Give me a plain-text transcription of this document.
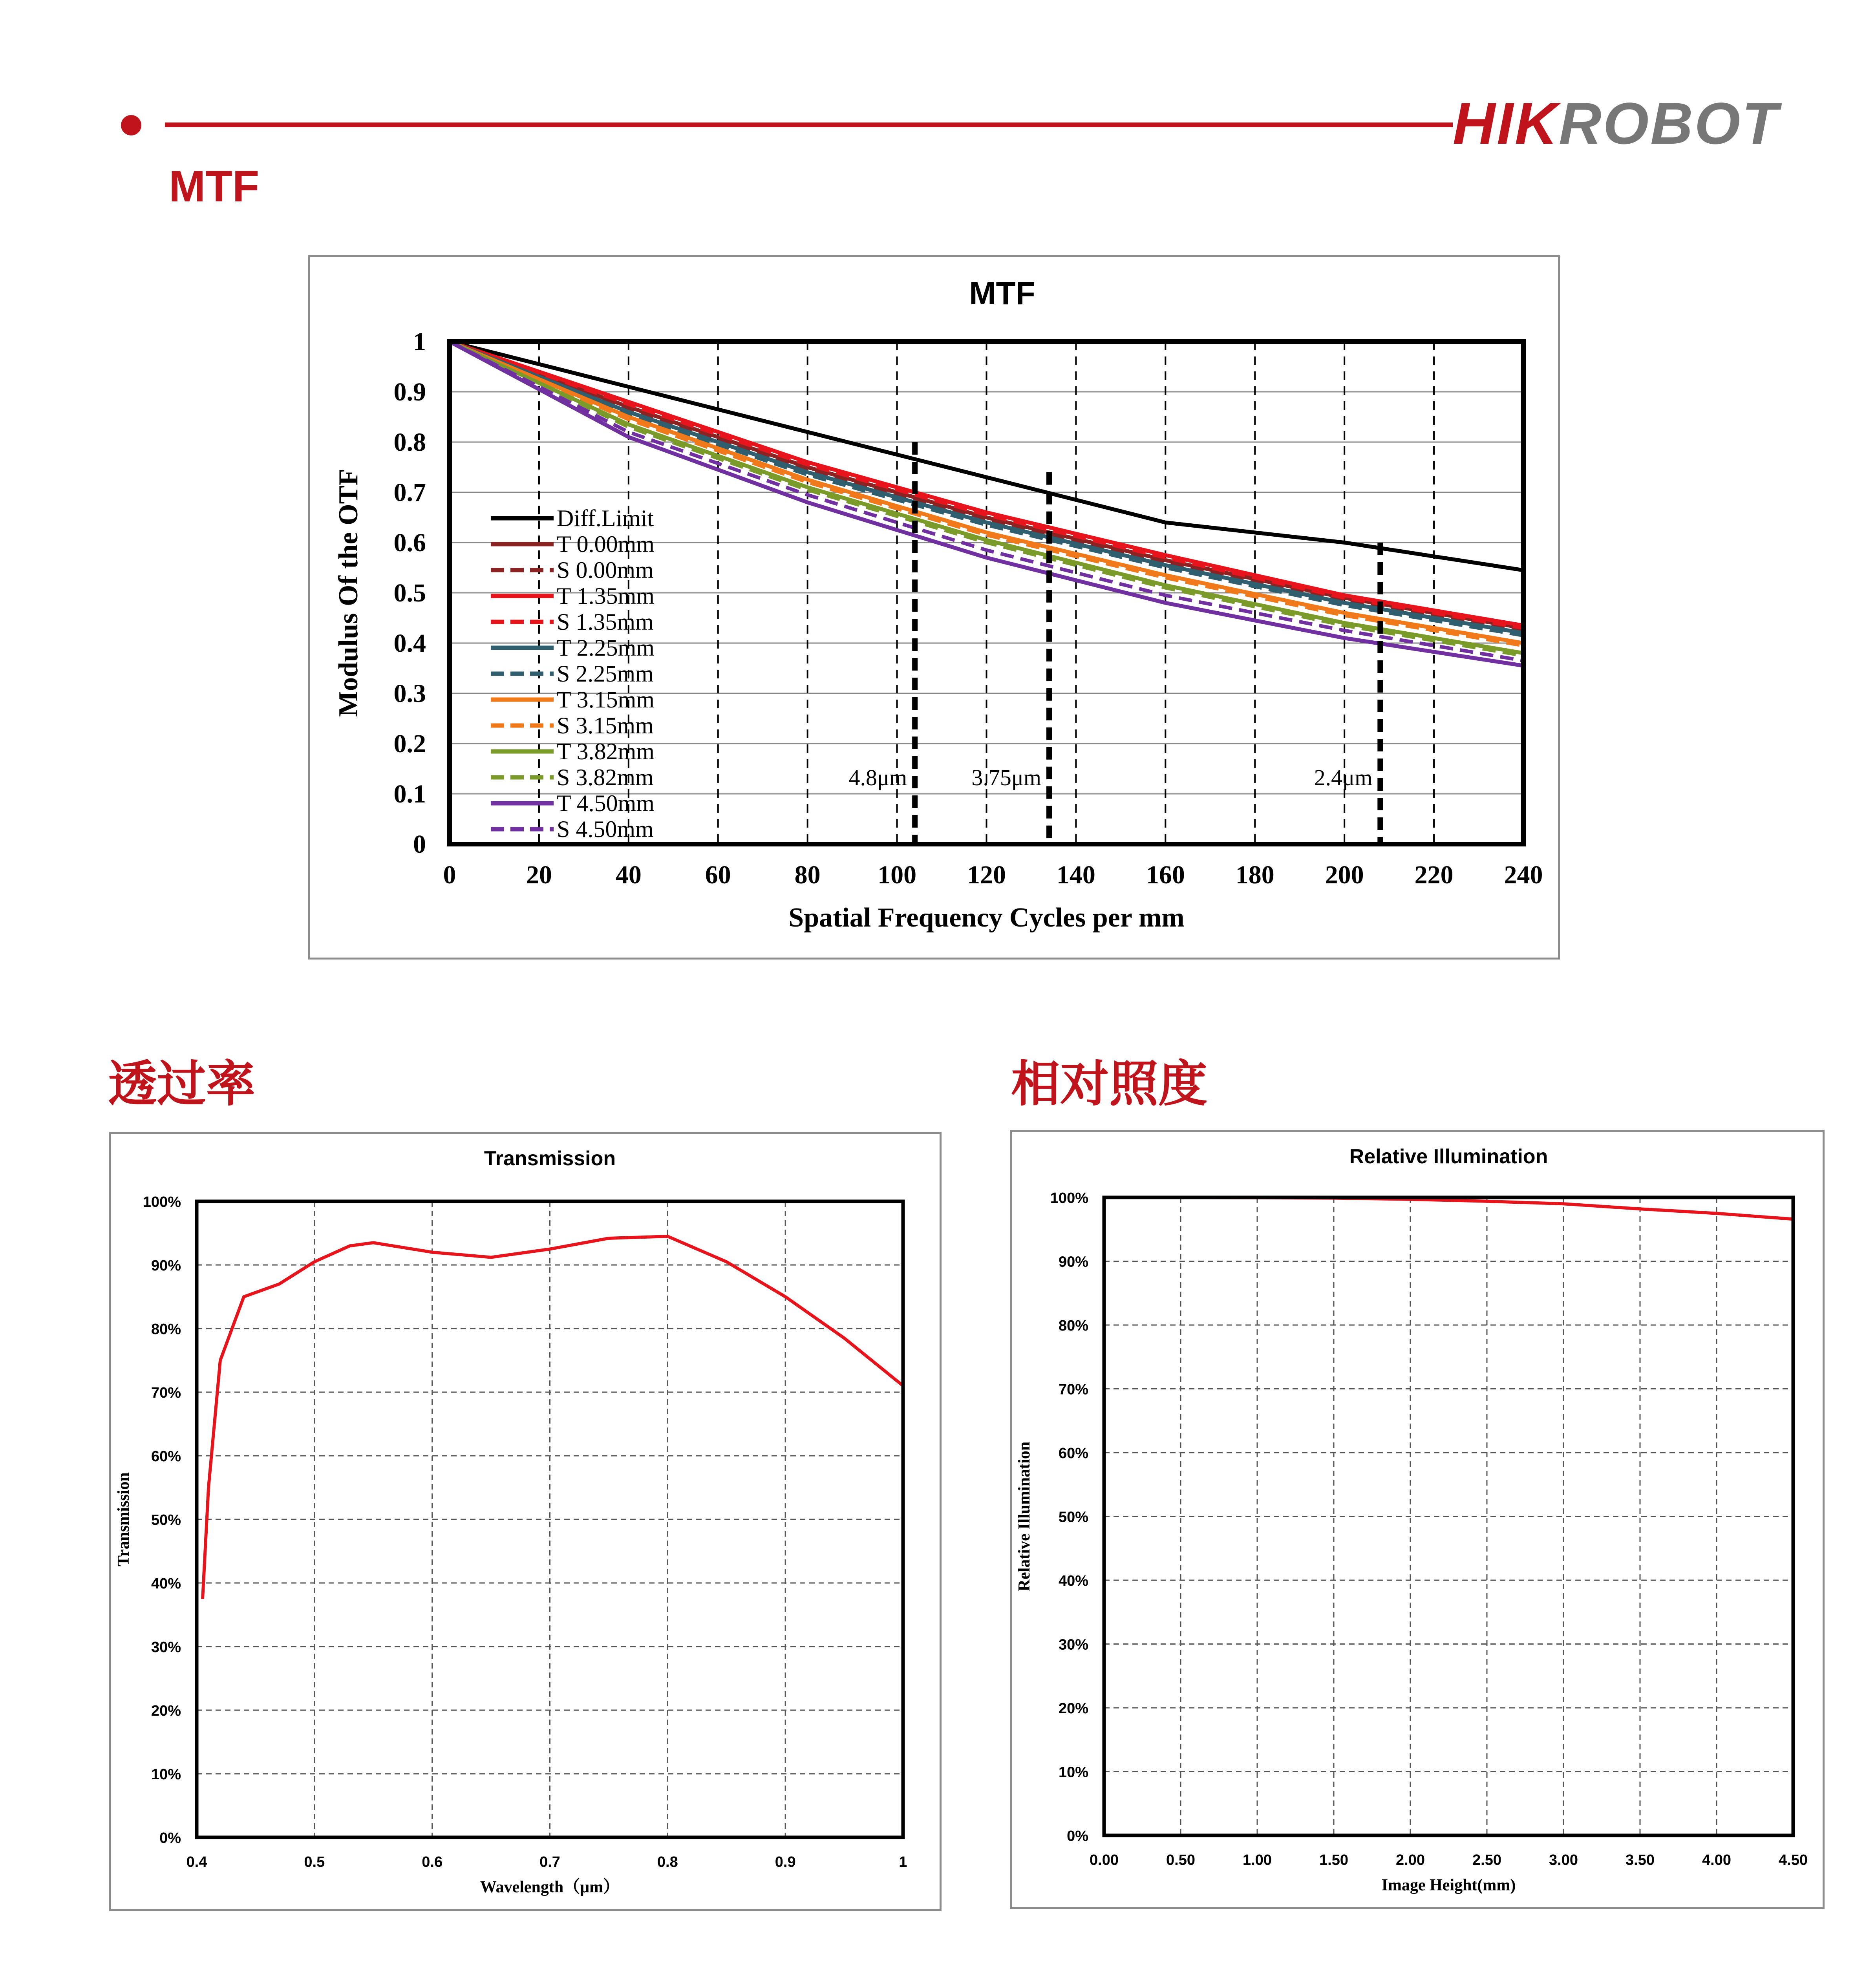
HIKROBOT
MTF
透过率	相对照度
MTF
0
0.1
0.2
0.3
0.4
0.5
0.6
0.7
0.8
0.9
1
0	20 40 60 80 100 120 140 160 180 200 220 240
Spatial Frequency Cycles per mm
Modulus Of the OTF
4.8μm	3.75μm	2.4μm
Diff.Limit
T 0.00mm
S 0.00mm
T 1.35mm
S 1.35mm
T 2.25mm
S 2.25mm
T 3.15mm
S 3.15mm
T 3.82mm
S 3.82mm
T 4.50mm
S 4.50mm
Transmission
0%
10%
20%
30%
40%
50%
60%
70%
80%
90%
100%
0.4	0.5	0.6	0.7	0.8	0.9	1
Wavelength（μm）
Transmission
Relative Illumination
0%
10%
20%
30%
40%
50%
60%
70%
80%
90%
100%
0.00	0.50	1.00	1.50	2.00	2.50	3.00	3.50	4.00	4.50
Image Height(mm)
Relative Illumination
